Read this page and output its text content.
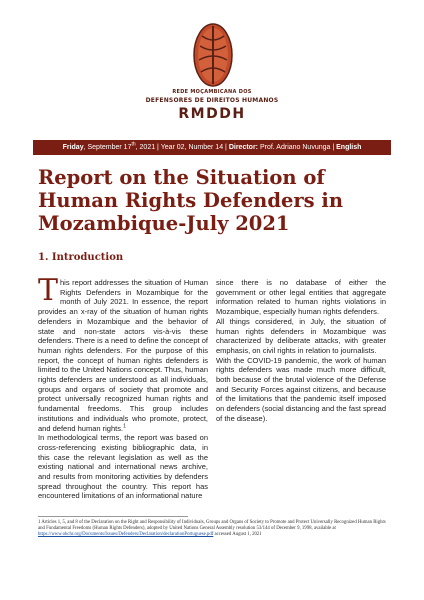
REDE MOÇAMBICANA DOS
DEFENSORES DE DIREITOS HUMANOS
RMDDH
Friday, September 17th, 2021 | Year 02, Number 14 | Director: Prof. Adriano Nuvunga | English
Report on the Situation of
Human Rights Defenders in
Mozambique-July 2021
1. Introduction

This report addresses the situation of Human Rights Defenders in Mozambique for the month of July 2021. In essence, the report provides an x-ray of the situation of human rights defenders in Mozambique and the behavior of state and non-state actors vis-à-vis these defenders. There is a need to define the concept of human rights defenders. For the purpose of this report, the concept of human rights defenders is limited to the United Nations concept. Thus, human rights defenders are understood as all individuals, groups and organs of society that promote and protect universally recognized human rights and fundamental freedoms. This group includes institutions and individuals who promote, protect, and defend human rights.$^1$

In methodological terms, the report was based on cross-referencing existing bibliographic data, in this case the relevant legislation as well as the existing national and international news archive, and results from monitoring activities by defenders spread throughout the country. This report has encountered limitations of an informational nature

since there is no database of either the government or other legal entities that aggregate information related to human rights violations in Mozambique, especially human rights defenders.

All things considered, in July, the situation of human rights defenders in Mozambique was characterized by deliberate attacks, with greater emphasis, on civil rights in relation to journalists.

With the COVID-19 pandemic, the work of human rights defenders was made much more difficult, both because of the brutal violence of the Defense and Security Forces against citizens, and because of the limitations that the pandemic itself imposed on defenders (social distancing and the fast spread of the disease).

1 Articles 1, 5, and 8 of the Declaration on the Right and Responsibility of Individuals, Groups and Organs of Society to Promote and Protect Universally Recognized Human Rights and Fundamental Freedoms (Human Rights Defenders), adopted by United Nations General Assembly resolution 53/144 of December 9, 1998, available at https://www.ohchr.org/Documents/Issues/Defenders/Declaration/declarationPortuguese.pdf accessed August 1, 2021
